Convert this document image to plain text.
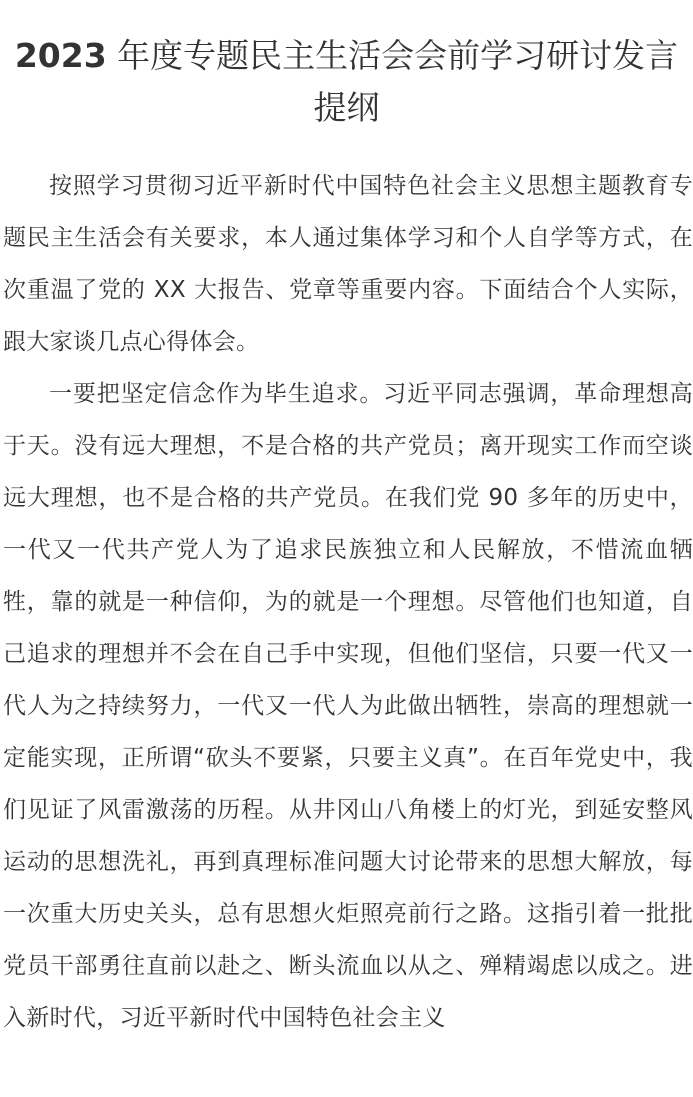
2023 年度专题民主生活会会前学习研讨发言提纲

按照学习贯彻习近平新时代中国特色社会主义思想主题教育专题民主生活会有关要求，本人通过集体学习和个人自学等方式，在次重温了党的 XX 大报告、党章等重要内容。下面结合个人实际，跟大家谈几点心得体会。

一要把坚定信念作为毕生追求。习近平同志强调，革命理想高于天。没有远大理想，不是合格的共产党员；离开现实工作而空谈远大理想，也不是合格的共产党员。在我们党 90 多年的历史中，一代又一代共产党人为了追求民族独立和人民解放，不惜流血牺牲，靠的就是一种信仰，为的就是一个理想。尽管他们也知道，自己追求的理想并不会在自己手中实现，但他们坚信，只要一代又一代人为之持续努力，一代又一代人为此做出牺牲，崇高的理想就一定能实现，正所谓“砍头不要紧，只要主义真”。在百年党史中，我们见证了风雷激荡的历程。从井冈山八角楼上的灯光，到延安整风运动的思想洗礼，再到真理标准问题大讨论带来的思想大解放，每一次重大历史关头，总有思想火炬照亮前行之路。这指引着一批批党员干部勇往直前以赴之、断头流血以从之、殚精竭虑以成之。进入新时代，习近平新时代中国特色社会主义
